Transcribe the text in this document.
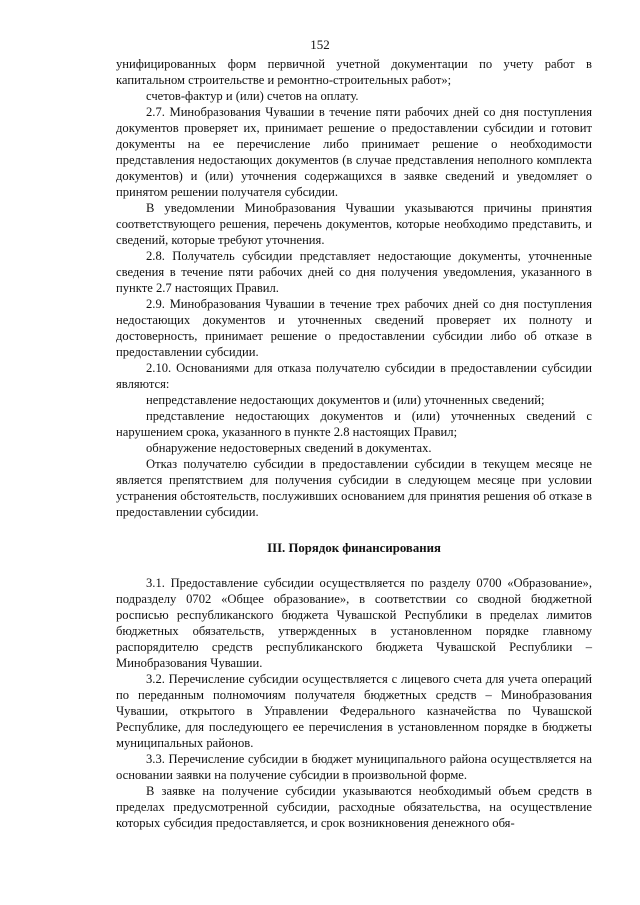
152

унифицированных форм первичной учетной документации по учету работ в капитальном строительстве и ремонтно-строительных работ»;

счетов-фактур и (или) счетов на оплату.

2.7. Минобразования Чувашии в течение пяти рабочих дней со дня поступления документов проверяет их, принимает решение о предоставлении субсидии и готовит документы на ее перечисление либо принимает решение о необходимости представления недостающих документов (в случае представления неполного комплекта документов) и (или) уточнения содержащихся в заявке сведений и уведомляет о принятом решении получателя субсидии.

В уведомлении Минобразования Чувашии указываются причины принятия соответствующего решения, перечень документов, которые необходимо представить, и сведений, которые требуют уточнения.

2.8. Получатель субсидии представляет недостающие документы, уточненные сведения в течение пяти рабочих дней со дня получения уведомления, указанного в пункте 2.7 настоящих Правил.

2.9. Минобразования Чувашии в течение трех рабочих дней со дня поступления недостающих документов и уточненных сведений проверяет их полноту и достоверность, принимает решение о предоставлении субсидии либо об отказе в предоставлении субсидии.

2.10. Основаниями для отказа получателю субсидии в предоставлении субсидии являются:

непредставление недостающих документов и (или) уточненных сведений;

представление недостающих документов и (или) уточненных сведений с нарушением срока, указанного в пункте 2.8 настоящих Правил;

обнаружение недостоверных сведений в документах.

Отказ получателю субсидии в предоставлении субсидии в текущем месяце не является препятствием для получения субсидии в следующем месяце при условии устранения обстоятельств, послуживших основанием для принятия решения об отказе в предоставлении субсидии.

III. Порядок финансирования

3.1. Предоставление субсидии осуществляется по разделу 0700 «Образование», подразделу 0702 «Общее образование», в соответствии со сводной бюджетной росписью республиканского бюджета Чувашской Республики в пределах лимитов бюджетных обязательств, утвержденных в установленном порядке главному распорядителю средств республиканского бюджета Чувашской Республики – Минобразования Чувашии.

3.2. Перечисление субсидии осуществляется с лицевого счета для учета операций по переданным полномочиям получателя бюджетных средств – Минобразования Чувашии, открытого в Управлении Федерального казначейства по Чувашской Республике, для последующего ее перечисления в установленном порядке в бюджеты муниципальных районов.

3.3. Перечисление субсидии в бюджет муниципального района осуществляется на основании заявки на получение субсидии в произвольной форме.

В заявке на получение субсидии указываются необходимый объем средств в пределах предусмотренной субсидии, расходные обязательства, на осуществление которых субсидия предоставляется, и срок возникновения денежного обя-
